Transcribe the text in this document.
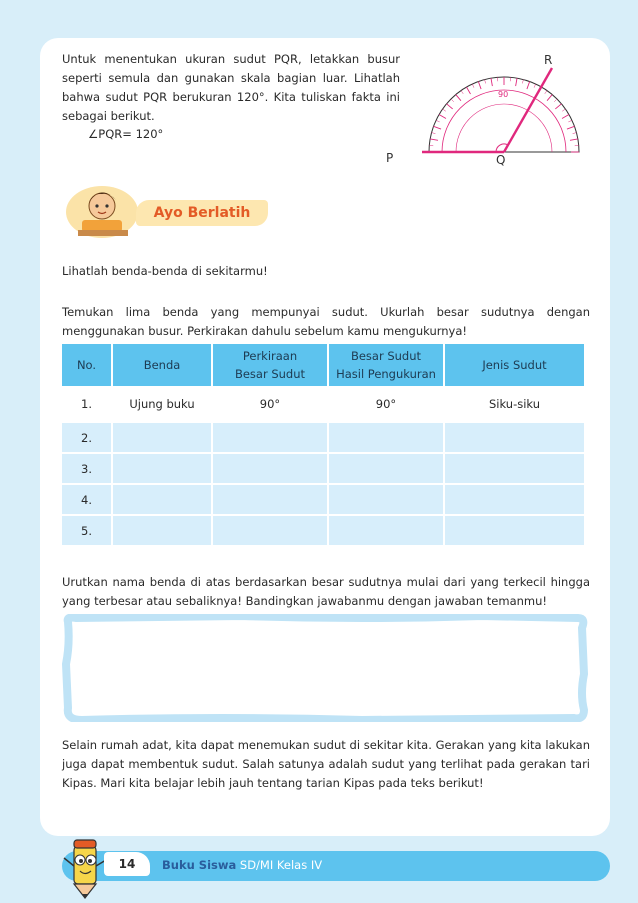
Untuk menentukan ukuran sudut PQR, letakkan busur seperti semula dan gunakan skala bagian luar. Lihatlah bahwa sudut PQR berukuran 120°. Kita tuliskan fakta ini sebagai berikut.

∠PQR= 120°
90
P	Q
R
Ayo Berlatih
Lihatlah benda-benda di sekitarmu!

Temukan lima benda yang mempunyai sudut. Ukurlah besar sudutnya dengan menggunakan busur. Perkirakan dahulu sebelum kamu mengukurnya!

No.	Benda	Perkiraan Besar Sudut	Besar Sudut Hasil Pengukuran	Jenis Sudut
1.	Ujung buku	90°	90°	Siku-siku
2.				
3.				
4.				
5.				

Urutkan nama benda di atas berdasarkan besar sudutnya mulai dari yang terkecil hingga yang terbesar atau sebaliknya! Bandingkan jawabanmu dengan jawaban temanmu!

Selain rumah adat, kita dapat menemukan sudut di sekitar kita. Gerakan yang kita lakukan juga dapat membentuk sudut. Salah satunya adalah sudut yang terlihat pada gerakan tari Kipas. Mari kita belajar lebih jauh tentang tarian Kipas pada teks berikut!

14	Buku Siswa SD/MI Kelas IV
